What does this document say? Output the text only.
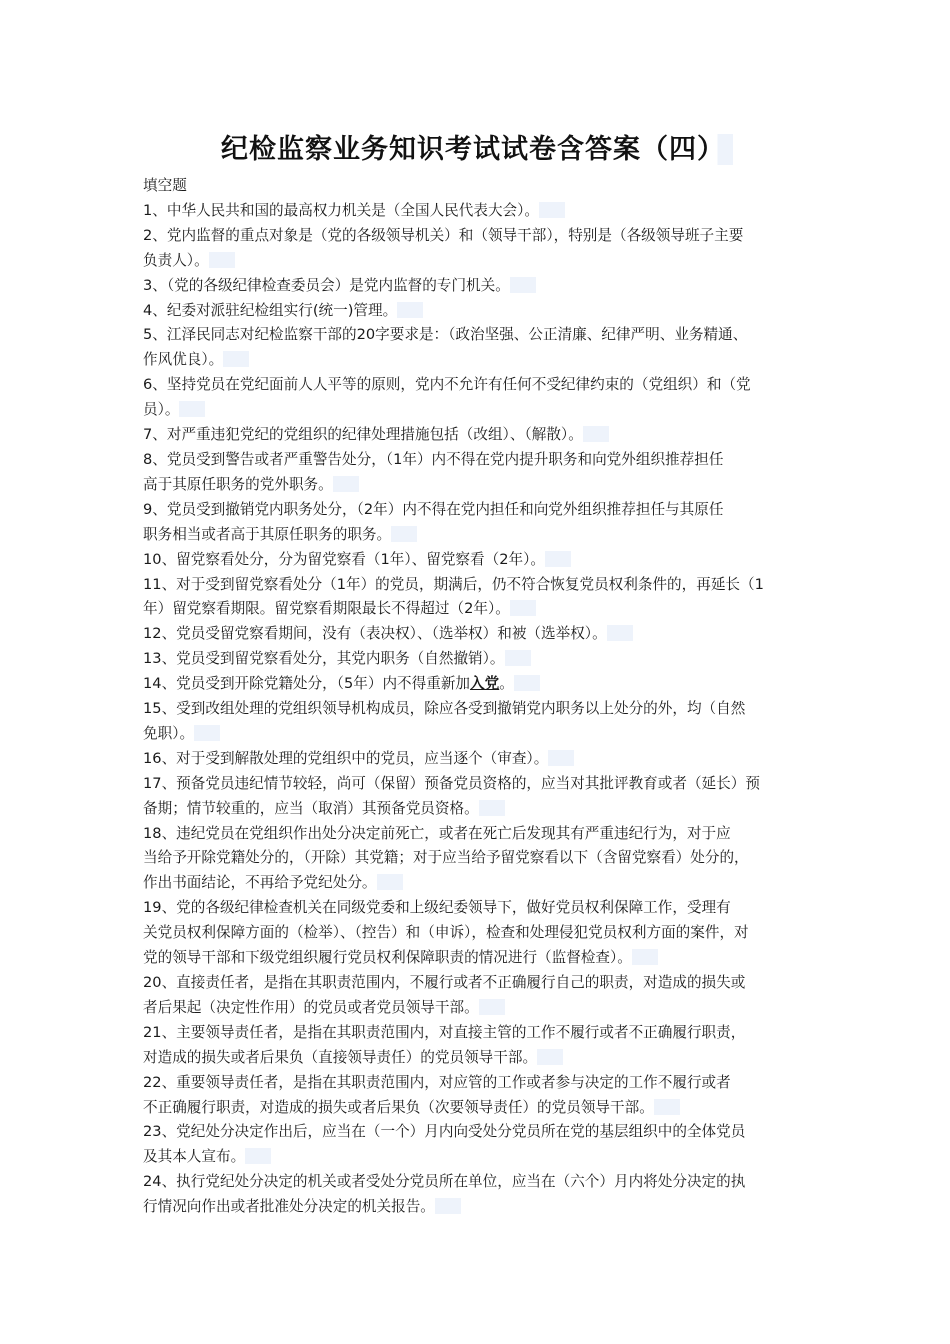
纪检监察业务知识考试试卷含答案（四）
填空题
1、中华人民共和国的最高权力机关是（全国人民代表大会）。
2、党内监督的重点对象是（党的各级领导机关）和（领导干部），特别是（各级领导班子主要
负责人）。
3、（党的各级纪律检查委员会）是党内监督的专门机关。
4、纪委对派驻纪检组实行(统一)管理。
5、江泽民同志对纪检监察干部的20字要求是：（政治坚强、公正清廉、纪律严明、业务精通、
作风优良）。
6、坚持党员在党纪面前人人平等的原则，党内不允许有任何不受纪律约束的（党组织）和（党
员）。
7、对严重违犯党纪的党组织的纪律处理措施包括（改组）、（解散）。
8、党员受到警告或者严重警告处分，（1年）内不得在党内提升职务和向党外组织推荐担任
高于其原任职务的党外职务。
9、党员受到撤销党内职务处分，（2年）内不得在党内担任和向党外组织推荐担任与其原任
职务相当或者高于其原任职务的职务。
10、留党察看处分，分为留党察看（1年）、留党察看（2年）。
11、对于受到留党察看处分（1年）的党员，期满后，仍不符合恢复党员权利条件的，再延长（1
年）留党察看期限。留党察看期限最长不得超过（2年）。
12、党员受留党察看期间，没有（表决权）、（选举权）和被（选举权）。
13、党员受到留党察看处分，其党内职务（自然撤销）。
14、党员受到开除党籍处分，（5年）内不得重新加入党。
15、受到改组处理的党组织领导机构成员，除应各受到撤销党内职务以上处分的外，均（自然
免职）。
16、对于受到解散处理的党组织中的党员，应当逐个（审查）。
17、预备党员违纪情节较轻，尚可（保留）预备党员资格的，应当对其批评教育或者（延长）预
备期；情节较重的，应当（取消）其预备党员资格。
18、违纪党员在党组织作出处分决定前死亡，或者在死亡后发现其有严重违纪行为，对于应
当给予开除党籍处分的，（开除）其党籍；对于应当给予留党察看以下（含留党察看）处分的，
作出书面结论，不再给予党纪处分。
19、党的各级纪律检查机关在同级党委和上级纪委领导下，做好党员权利保障工作，受理有
关党员权利保障方面的（检举）、（控告）和（申诉），检查和处理侵犯党员权利方面的案件，对
党的领导干部和下级党组织履行党员权利保障职责的情况进行（监督检查）。
20、直接责任者，是指在其职责范围内，不履行或者不正确履行自己的职责，对造成的损失或
者后果起（决定性作用）的党员或者党员领导干部。
21、主要领导责任者，是指在其职责范围内，对直接主管的工作不履行或者不正确履行职责，
对造成的损失或者后果负（直接领导责任）的党员领导干部。
22、重要领导责任者，是指在其职责范围内，对应管的工作或者参与决定的工作不履行或者
不正确履行职责，对造成的损失或者后果负（次要领导责任）的党员领导干部。
23、党纪处分决定作出后，应当在（一个）月内向受处分党员所在党的基层组织中的全体党员
及其本人宣布。
24、执行党纪处分决定的机关或者受处分党员所在单位，应当在（六个）月内将处分决定的执
行情况向作出或者批准处分决定的机关报告。
